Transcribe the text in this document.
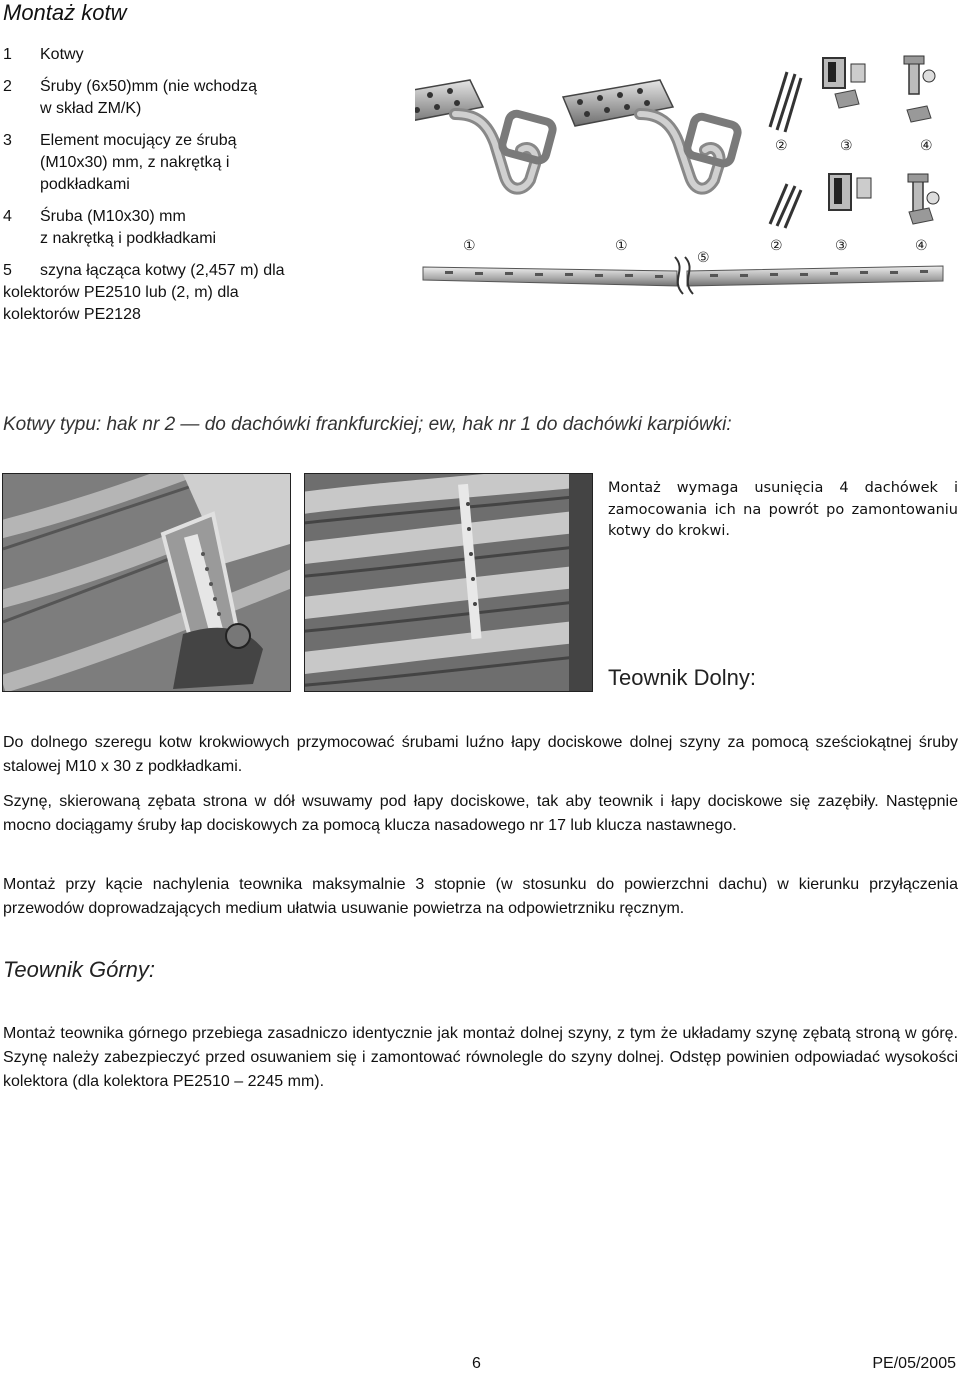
Montaż kotw
1	Kotwy
2	Śruby (6x50)mm (nie wchodzą
w skład ZM/K)
3	Element mocujący ze śrubą
(M10x30) mm, z nakrętką i
podkładkami
4	Śruba (M10x30) mm
z nakrętką i podkładkami
5 szyna łącząca kotwy (2,457 m) dla
kolektorów PE2510 lub (2, m) dla
kolektorów PE2128
②	③	④
①	①
⑤
②	③	④
Kotwy typu: hak nr 2 — do dachówki frankfurckiej; ew, hak nr 1 do dachówki karpiówki:
Montaż wymaga usunięcia 4 dachówek i zamocowania ich na powrót po zamontowaniu kotwy do krokwi.
Teownik Dolny:
Do dolnego szeregu kotw krokwiowych przymocować śrubami luźno łapy dociskowe dolnej szyny za pomocą sześciokątnej śruby stalowej M10 x 30 z podkładkami.
Szynę, skierowaną zębata strona w dół wsuwamy pod łapy dociskowe, tak aby teownik i łapy dociskowe się zazębiły. Następnie mocno dociągamy śruby łap dociskowych za pomocą klucza nasadowego nr 17 lub klucza nastawnego.
Montaż przy kącie nachylenia teownika maksymalnie 3 stopnie (w stosunku do powierzchni dachu) w kierunku przyłączenia przewodów doprowadzających medium ułatwia usuwanie powietrza na odpowietrzniku ręcznym.
Teownik Górny:
Montaż teownika górnego przebiega zasadniczo identycznie jak montaż dolnej szyny, z tym że układamy szynę zębatą stroną w górę. Szynę należy zabezpieczyć przed osuwaniem się i zamontować równolegle do szyny dolnej. Odstęp powinien odpowiadać wysokości kolektora (dla kolektora PE2510 – 2245 mm).
6	PE/05/2005
